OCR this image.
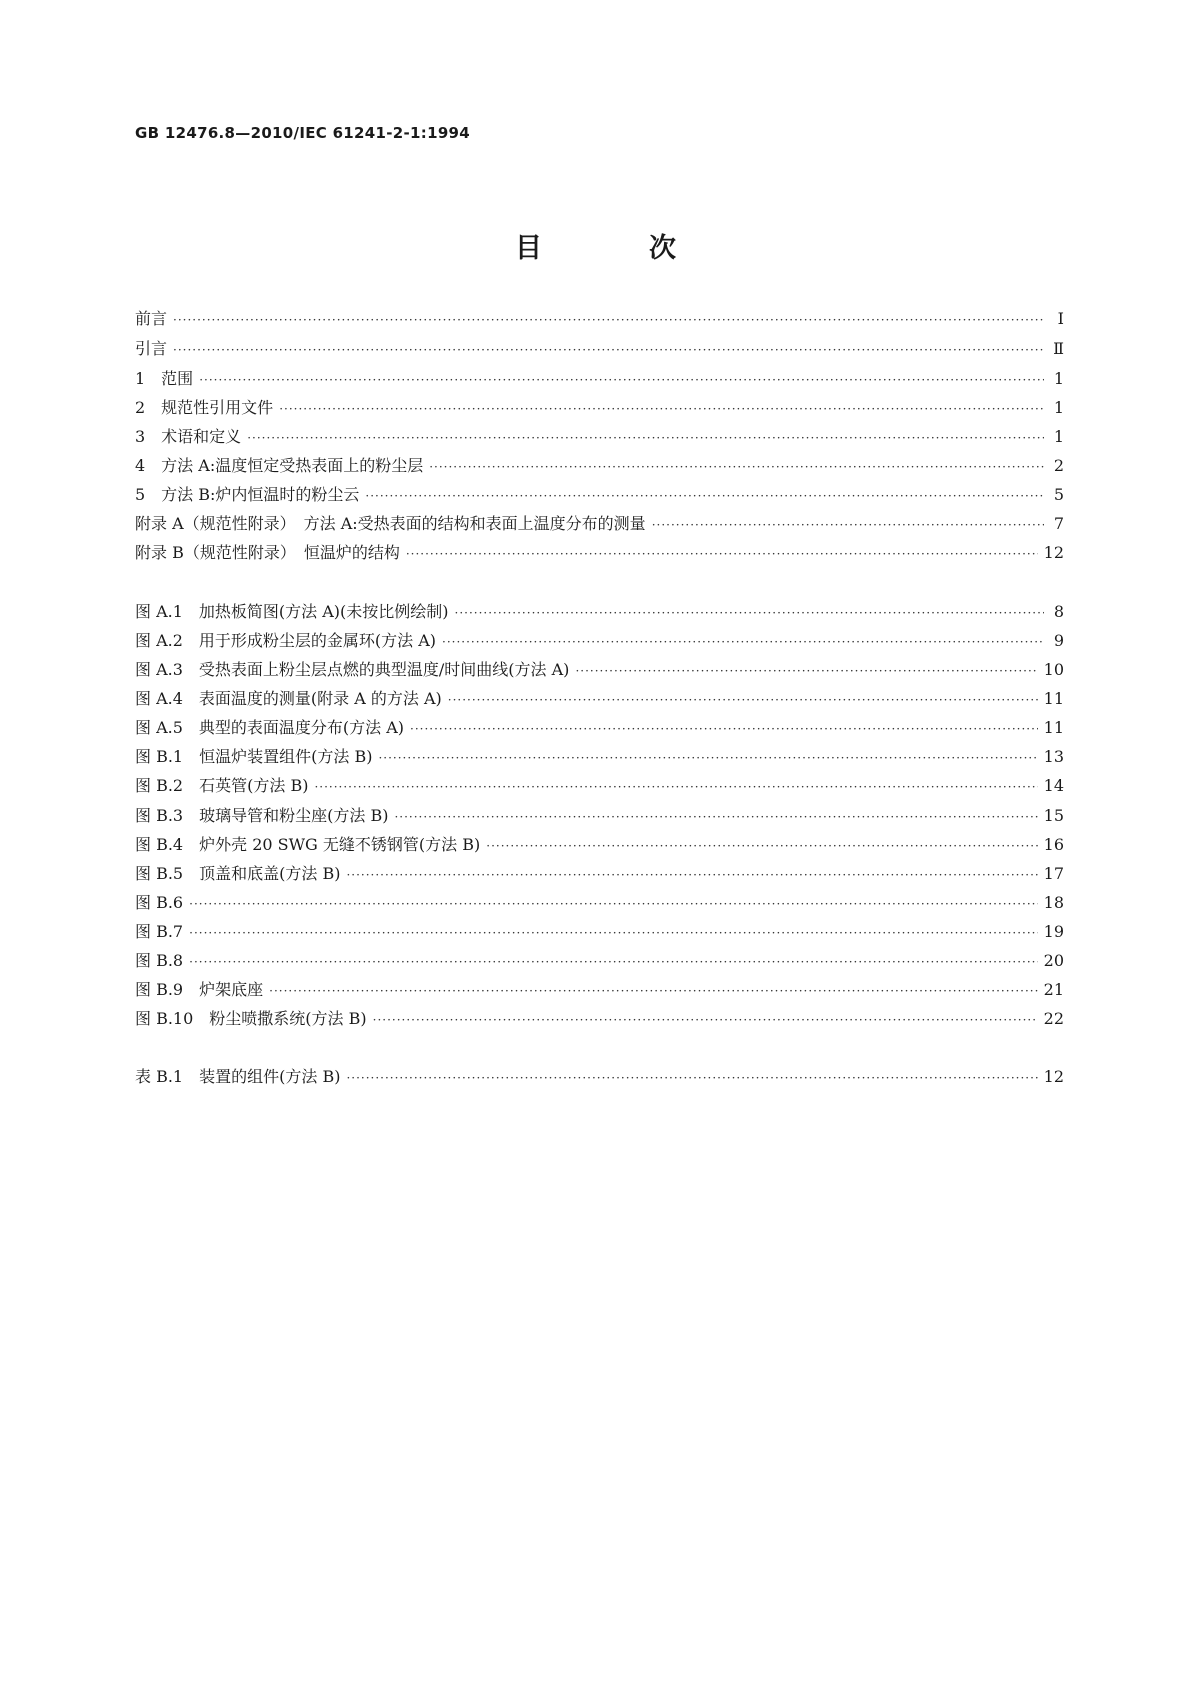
GB 12476.8—2010/IEC 61241-2-1:1994
目　次
前言 ·····	Ⅰ
引言 ·····	Ⅱ
1　范围 ·····	1
2　规范性引用文件 ·····	1
3　术语和定义 ·····	1
4　方法 A:温度恒定受热表面上的粉尘层 ·····	2
5　方法 B:炉内恒温时的粉尘云 ·····	5
附录 A（规范性附录）　方法 A:受热表面的结构和表面上温度分布的测量 ·····	7
附录 B（规范性附录）　恒温炉的结构 ·····	12
图 A.1　加热板简图(方法 A)(未按比例绘制) ·····	8
图 A.2　用于形成粉尘层的金属环(方法 A) ·····	9
图 A.3　受热表面上粉尘层点燃的典型温度/时间曲线(方法 A) ·····	10
图 A.4　表面温度的测量(附录 A 的方法 A) ·····	11
图 A.5　典型的表面温度分布(方法 A) ·····	11
图 B.1　恒温炉装置组件(方法 B) ·····	13
图 B.2　石英管(方法 B) ·····	14
图 B.3　玻璃导管和粉尘座(方法 B) ·····	15
图 B.4　炉外壳 20 SWG 无缝不锈钢管(方法 B) ·····	16
图 B.5　顶盖和底盖(方法 B) ·····	17
图 B.6 ·····	18
图 B.7 ·····	19
图 B.8 ·····	20
图 B.9　炉架底座 ·····	21
图 B.10　粉尘喷撒系统(方法 B) ·····	22
表 B.1　装置的组件(方法 B) ·····	12
